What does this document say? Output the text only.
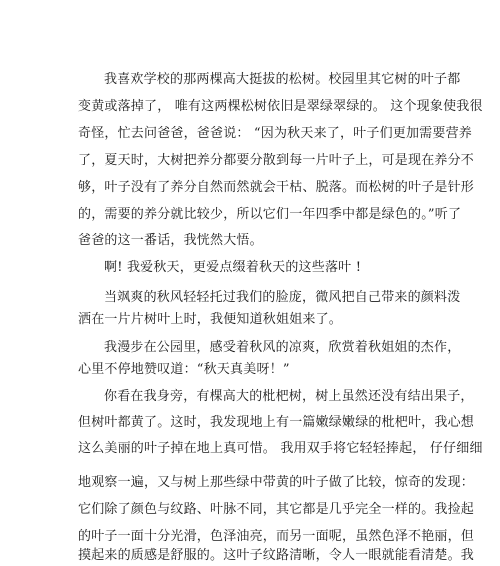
我喜欢学校的那两棵高大挺拔的松树。校园里其它树的叶子都
变黄或落掉了， 唯有这两棵松树依旧是翠绿翠绿的。 这个现象使我很
奇怪，忙去问爸爸，爸爸说： “因为秋天来了，叶子们更加需要营养
了，夏天时，大树把养分都要分散到每一片叶子上，可是现在养分不
够，叶子没有了养分自然而然就会干枯、脱落。而松树的叶子是针形
的，需要的养分就比较少，所以它们一年四季中都是绿色的。”听了
爸爸的这一番话，我恍然大悟。
啊! 我爱秋天，更爱点缀着秋天的这些落叶 !
当飒爽的秋风轻轻托过我们的脸庞，微风把自己带来的颜料泼
洒在一片片树叶上时，我便知道秋姐姐来了。
我漫步在公园里，感受着秋风的凉爽，欣赏着秋姐姐的杰作，
心里不停地赞叹道：“秋天真美呀！”
你看在我身旁，有棵高大的枇杷树，树上虽然还没有结出果子，
但树叶都黄了。这时，我发现地上有一篇嫩绿嫩绿的枇杷叶，我心想
这么美丽的叶子掉在地上真可惜。 我用双手将它轻轻捧起， 仔仔细细
地观察一遍，又与树上那些绿中带黄的叶子做了比较，惊奇的发现：
它们除了颜色与纹路、叶脉不同，其它都是几乎完全一样的。我捡起
的叶子一面十分光滑，色泽油亮，而另一面呢，虽然色泽不艳丽，但
摸起来的质感是舒服的。这叶子纹路清晰，令人一眼就能看清楚。我
